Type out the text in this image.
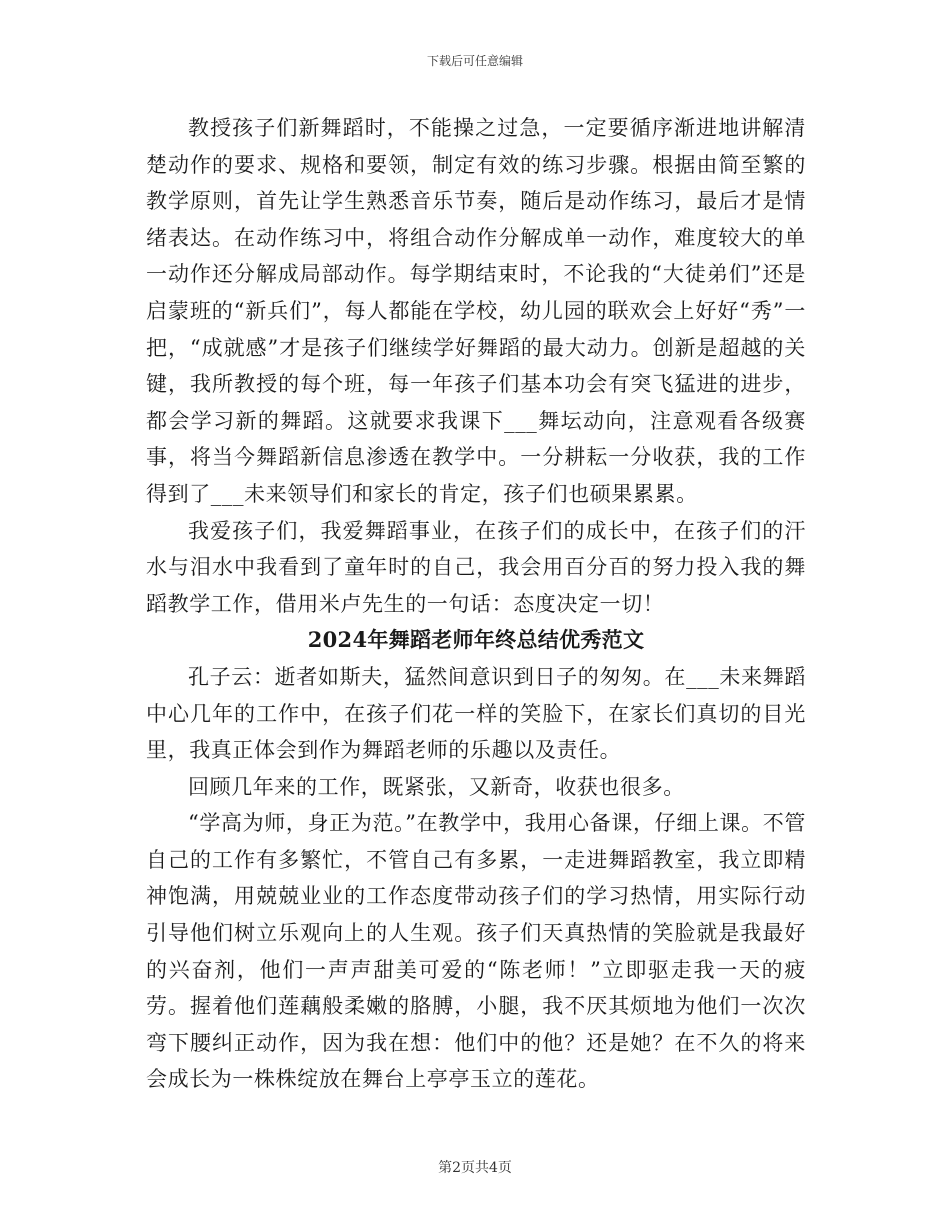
下载后可任意编辑

教授孩子们新舞蹈时，不能操之过急，一定要循序渐进地讲解清楚动作的要求、规格和要领，制定有效的练习步骤。根据由简至繁的教学原则，首先让学生熟悉音乐节奏，随后是动作练习，最后才是情绪表达。在动作练习中，将组合动作分解成单一动作，难度较大的单一动作还分解成局部动作。每学期结束时，不论我的“大徒弟们”还是启蒙班的“新兵们”，每人都能在学校，幼儿园的联欢会上好好“秀”一把，“成就感”才是孩子们继续学好舞蹈的最大动力。创新是超越的关键，我所教授的每个班，每一年孩子们基本功会有突飞猛进的进步，都会学习新的舞蹈。这就要求我课下___舞坛动向，注意观看各级赛事，将当今舞蹈新信息渗透在教学中。一分耕耘一分收获，我的工作得到了___未来领导们和家长的肯定，孩子们也硕果累累。

我爱孩子们，我爱舞蹈事业，在孩子们的成长中，在孩子们的汗水与泪水中我看到了童年时的自己，我会用百分百的努力投入我的舞蹈教学工作，借用米卢先生的一句话：态度决定一切！

2024年舞蹈老师年终总结优秀范文

孔子云：逝者如斯夫，猛然间意识到日子的匆匆。在___未来舞蹈中心几年的工作中，在孩子们花一样的笑脸下，在家长们真切的目光里，我真正体会到作为舞蹈老师的乐趣以及责任。

回顾几年来的工作，既紧张，又新奇，收获也很多。

“学高为师，身正为范。”在教学中，我用心备课，仔细上课。不管自己的工作有多繁忙，不管自己有多累，一走进舞蹈教室，我立即精神饱满，用兢兢业业的工作态度带动孩子们的学习热情，用实际行动引导他们树立乐观向上的人生观。孩子们天真热情的笑脸就是我最好的兴奋剂，他们一声声甜美可爱的“陈老师！”立即驱走我一天的疲劳。握着他们莲藕般柔嫩的胳膊，小腿，我不厌其烦地为他们一次次弯下腰纠正动作，因为我在想：他们中的他？还是她？在不久的将来会成长为一株株绽放在舞台上亭亭玉立的莲花。

第2页共4页
